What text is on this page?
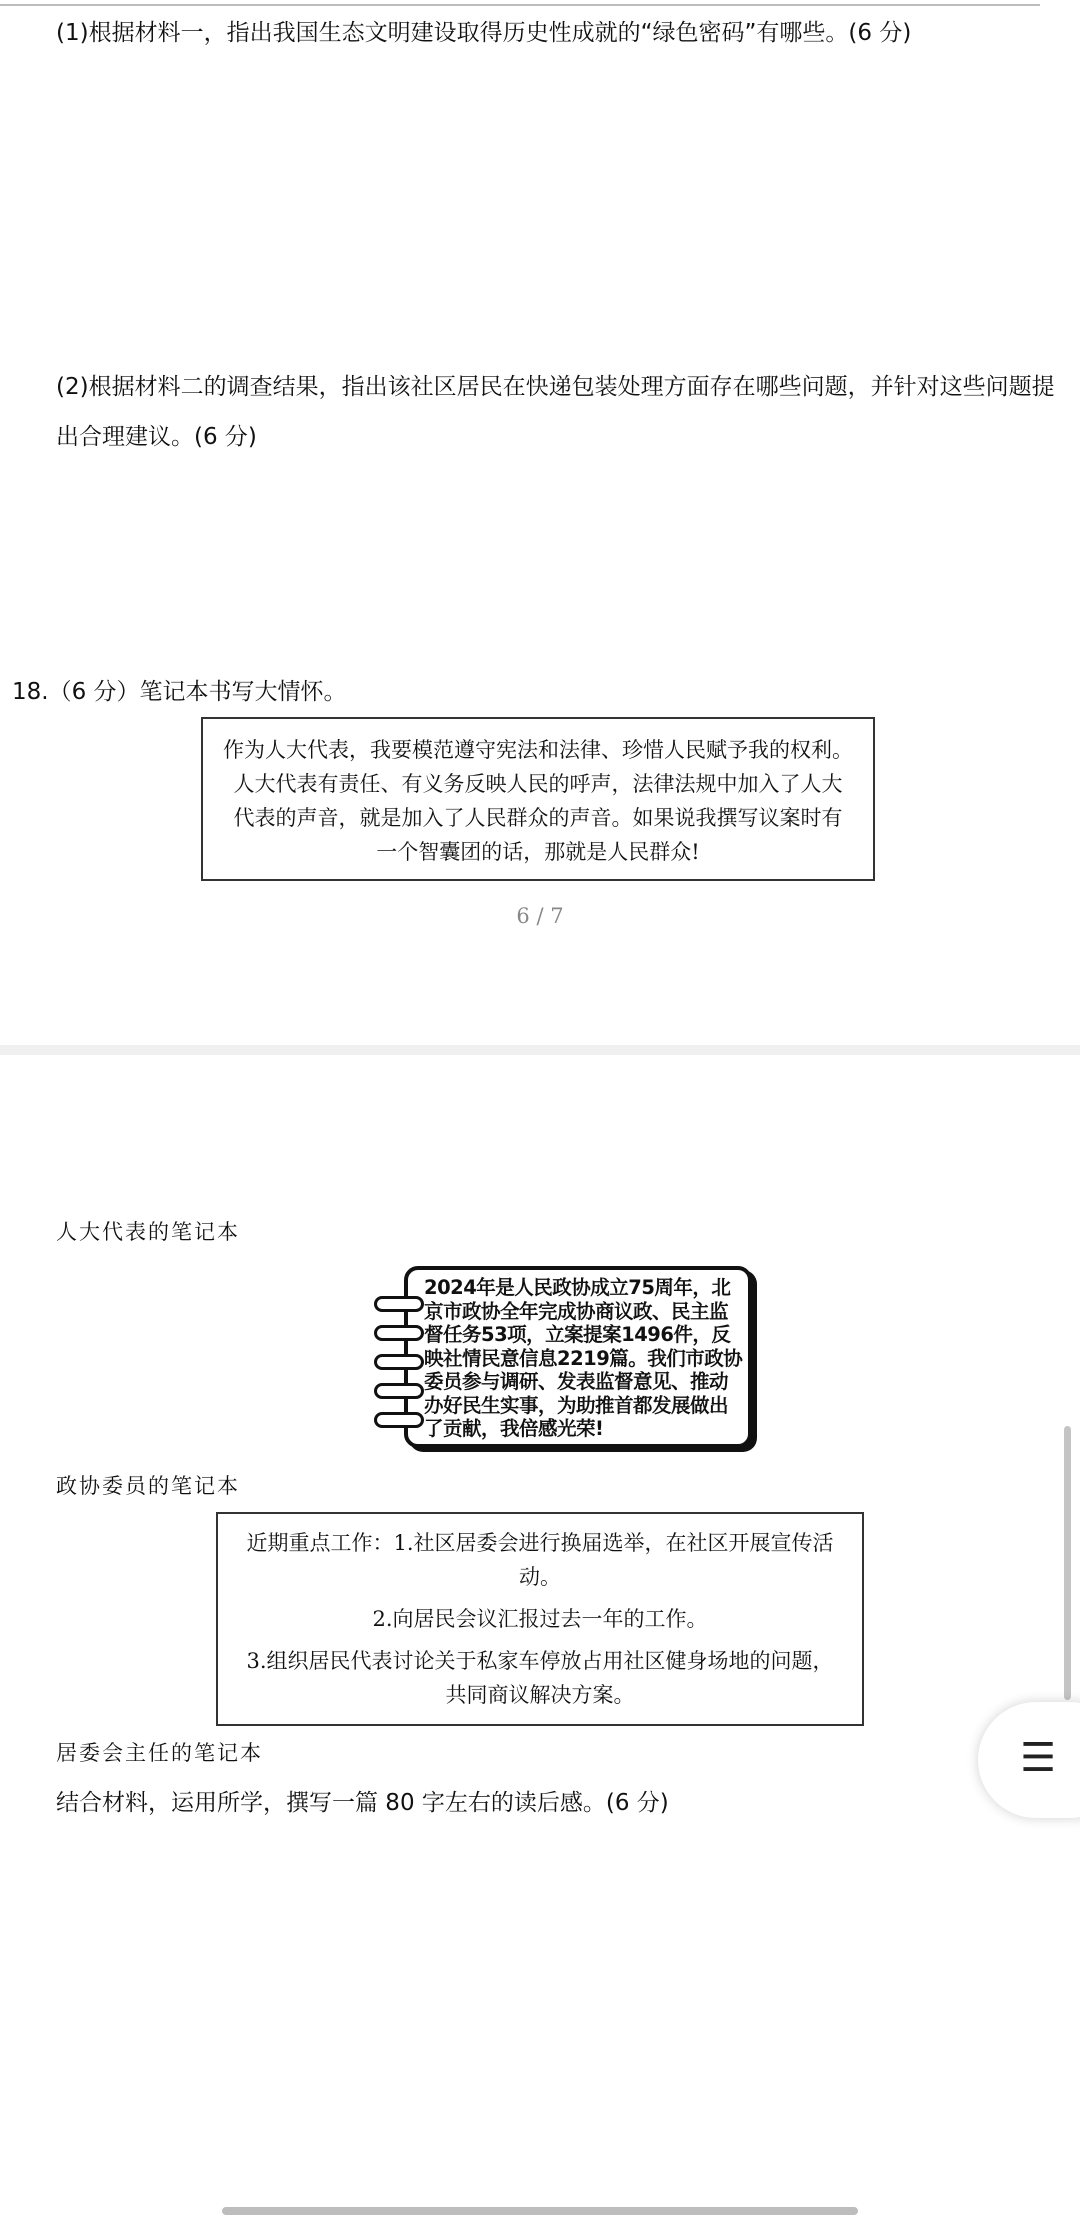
(1)根据材料一，指出我国生态文明建设取得历史性成就的“绿色密码”有哪些。(6 分)
(2)根据材料二的调查结果，指出该社区居民在快递包装处理方面存在哪些问题，并针对这些问题提出合理建议。(6 分)
18.（6 分）笔记本书写大情怀。
作为人大代表，我要模范遵守宪法和法律、珍惜人民赋予我的权利。
人大代表有责任、有义务反映人民的呼声，法律法规中加入了人大
代表的声音，就是加入了人民群众的声音。如果说我撰写议案时有
一个智囊团的话，那就是人民群众!
6 / 7
人大代表的笔记本
2024年是人民政协成立75周年，北
京市政协全年完成协商议政、民主监
督任务53项，立案提案1496件，反
映社情民意信息2219篇。我们市政协
委员参与调研、发表监督意见、推动
办好民生实事，为助推首都发展做出
了贡献，我倍感光荣!
政协委员的笔记本
近期重点工作：1.社区居委会进行换届选举，在社区开展宣传活
动。
2.向居民会议汇报过去一年的工作。
3.组织居民代表讨论关于私家车停放占用社区健身场地的问题，
共同商议解决方案。
居委会主任的笔记本
结合材料，运用所学，撰写一篇 80 字左右的读后感。(6 分)
☰
